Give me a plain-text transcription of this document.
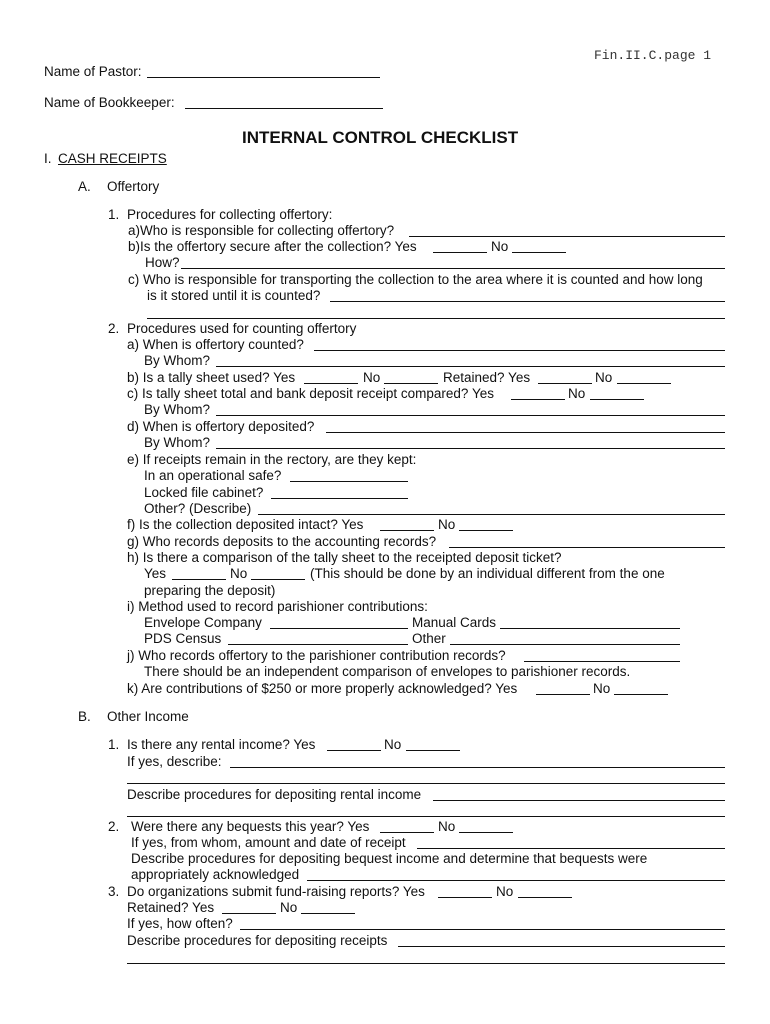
Fin.II.C.page 1
Name of Pastor:
Name of Bookkeeper:
INTERNAL CONTROL CHECKLIST
I. CASH RECEIPTS
A. Offertory
1. Procedures for collecting offertory:
a)Who is responsible for collecting offertory?
b)Is the offertory secure after the collection? Yes	No
How?
c) Who is responsible for transporting the collection to the area where it is counted and how long
is it stored until it is counted?
2. Procedures used for counting offertory
a) When is offertory counted?
By Whom?
b) Is a tally sheet used? Yes	No	Retained? Yes	No
c) Is tally sheet total and bank deposit receipt compared? Yes	No
By Whom?
d) When is offertory deposited?
By Whom?
e) If receipts remain in the rectory, are they kept:
In an operational safe?
Locked file cabinet?
Other? (Describe)
f) Is the collection deposited intact? Yes	No
g) Who records deposits to the accounting records?
h) Is there a comparison of the tally sheet to the receipted deposit ticket?
Yes	No	(This should be done by an individual different from the one
preparing the deposit)
i) Method used to record parishioner contributions:
Envelope Company	Manual Cards
PDS Census	Other
j) Who records offertory to the parishioner contribution records?
There should be an independent comparison of envelopes to parishioner records.
k) Are contributions of $250 or more properly acknowledged? Yes	No
B. Other Income
1. Is there any rental income? Yes	No
If yes, describe:
Describe procedures for depositing rental income
2. Were there any bequests this year? Yes	No
If yes, from whom, amount and date of receipt
Describe procedures for depositing bequest income and determine that bequests were
appropriately acknowledged
3. Do organizations submit fund-raising reports? Yes	No
Retained? Yes	No
If yes, how often?
Describe procedures for depositing receipts
